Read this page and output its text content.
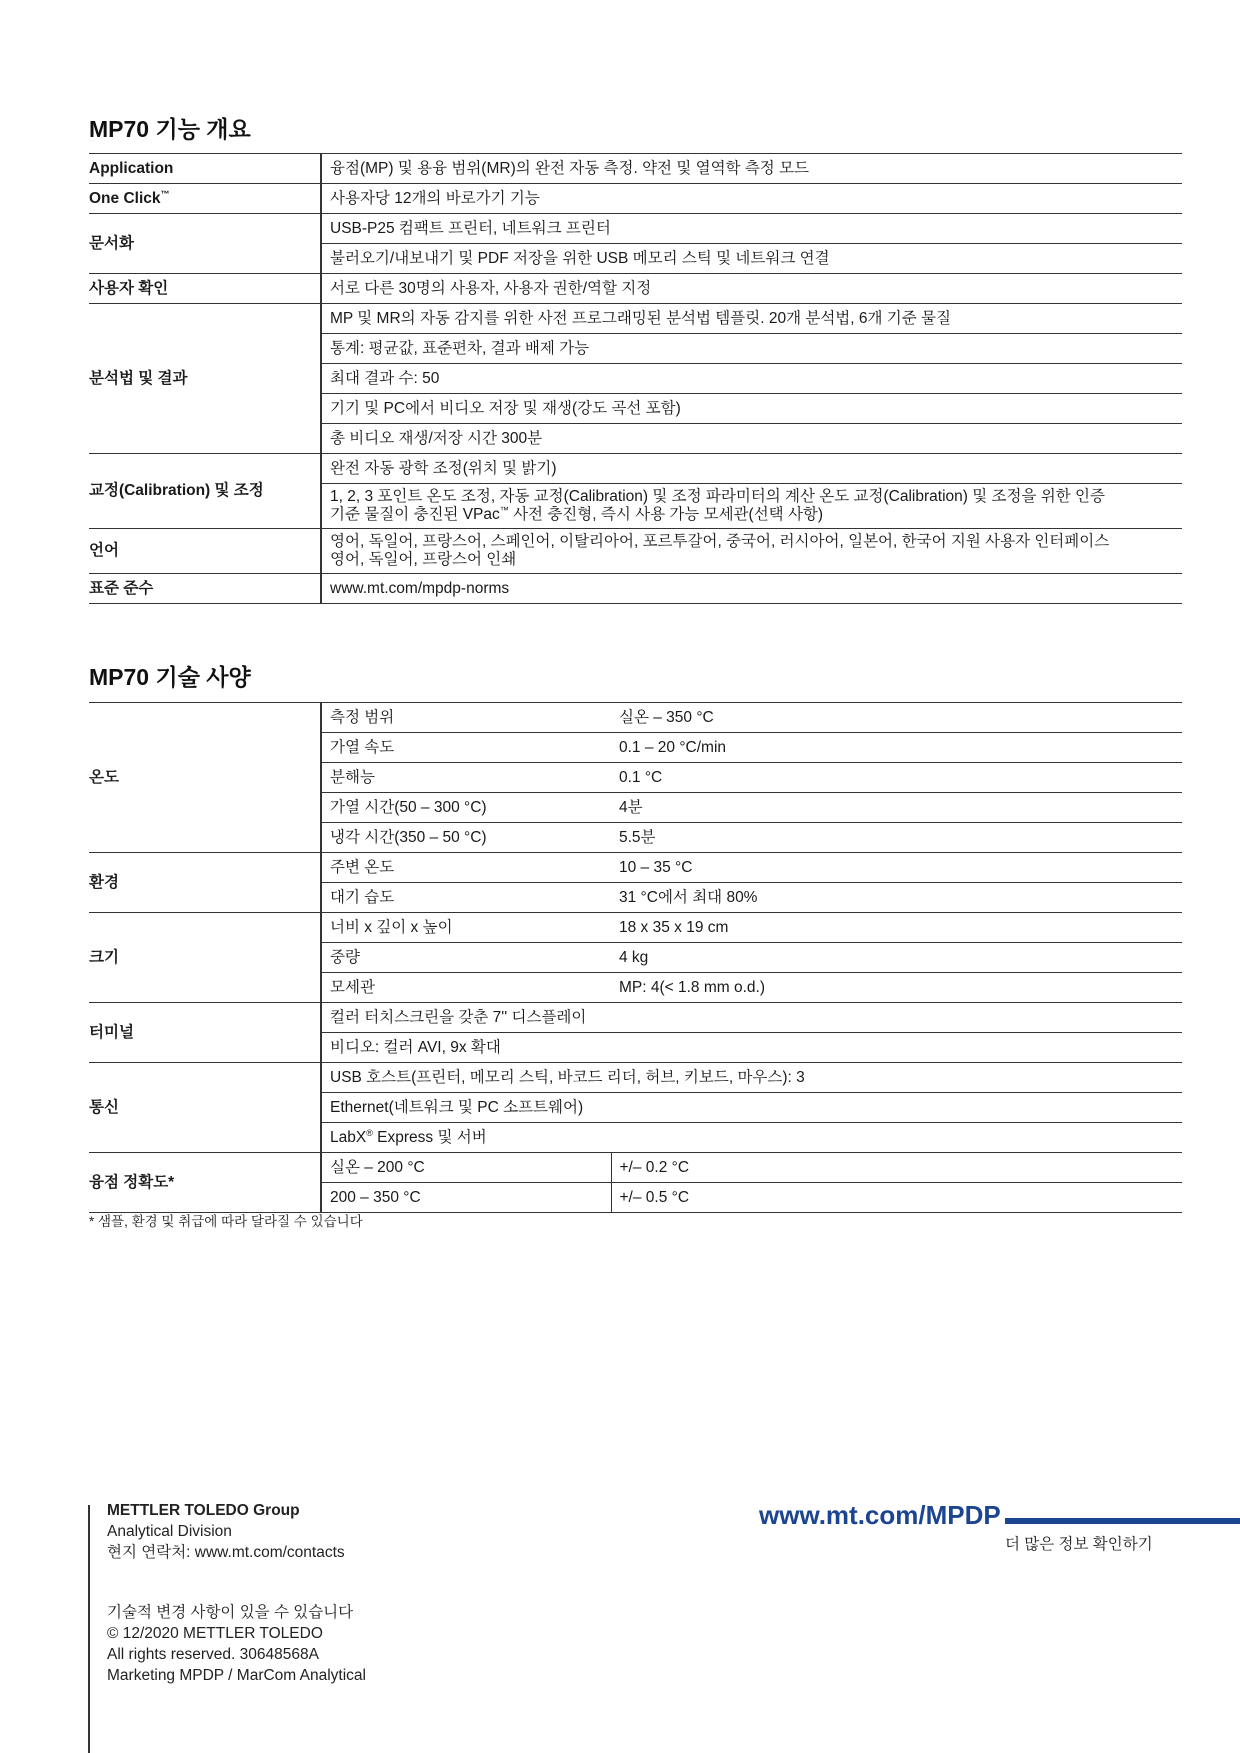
MP70 기능 개요
Application	융점(MP) 및 용융 범위(MR)의 완전 자동 측정. 약전 및 열역학 측정 모드
One Click™	사용자당 12개의 바로가기 기능
문서화	USB-P25 컴팩트 프린터, 네트워크 프린터
	불러오기/내보내기 및 PDF 저장을 위한 USB 메모리 스틱 및 네트워크 연결
사용자 확인	서로 다른 30명의 사용자, 사용자 권한/역할 지정
분석법 및 결과	MP 및 MR의 자동 감지를 위한 사전 프로그래밍된 분석법 템플릿. 20개 분석법, 6개 기준 물질
	통계: 평균값, 표준편차, 결과 배제 가능
	최대 결과 수: 50
	기기 및 PC에서 비디오 저장 및 재생(강도 곡선 포함)
	총 비디오 재생/저장 시간 300분
교정(Calibration) 및 조정	완전 자동 광학 조정(위치 및 밝기)

	1, 2, 3 포인트 온도 조정, 자동 교정(Calibration) 및 조정 파라미터의 계산 온도 교정(Calibration) 및 조정을 위한 인증
기준 물질이 충진된 VPac™ 사전 충진형, 즉시 사용 가능 모세관(선택 사항)

언어	영어, 독일어, 프랑스어, 스페인어, 이탈리아어, 포르투갈어, 중국어, 러시아어, 일본어, 한국어 지원 사용자 인터페이스
영어, 독일어, 프랑스어 인쇄

표준 준수	www.mt.com/mpdp-norms
MP70 기술 사양
온도	측정 범위	실온 – 350 °C
	가열 속도	0.1 – 20 °C/min
	분해능	0.1 °C
	가열 시간(50 – 300 °C)	4분
	냉각 시간(350 – 50 °C)	5.5분
환경	주변 온도	10 – 35 °C
	대기 습도	31 °C에서 최대 80%
크기	너비 x 깊이 x 높이	18 x 35 x 19 cm
	중량	4 kg
	모세관	MP: 4(< 1.8 mm o.d.)
터미널	컬러 터치스크린을 갖춘 7'' 디스플레이	
	비디오: 컬러 AVI, 9x 확대	
통신	USB 호스트(프린터, 메모리 스틱, 바코드 리더, 허브, 키보드, 마우스): 3	
	Ethernet(네트워크 및 PC 소프트웨어)	
	LabX® Express 및 서버	
융점 정확도*	실온 – 200 °C	+/– 0.2 °C
	200 – 350 °C	+/– 0.5 °C
* 샘플, 환경 및 취급에 따라 달라질 수 있습니다
METTLER TOLEDO Group
Analytical Division
현지 연락처: www.mt.com/contacts
기술적 변경 사항이 있을 수 있습니다
© 12/2020 METTLER TOLEDO
All rights reserved. 30648568A
Marketing MPDP / MarCom Analytical
www.mt.com/MPDP
더 많은 정보 확인하기
